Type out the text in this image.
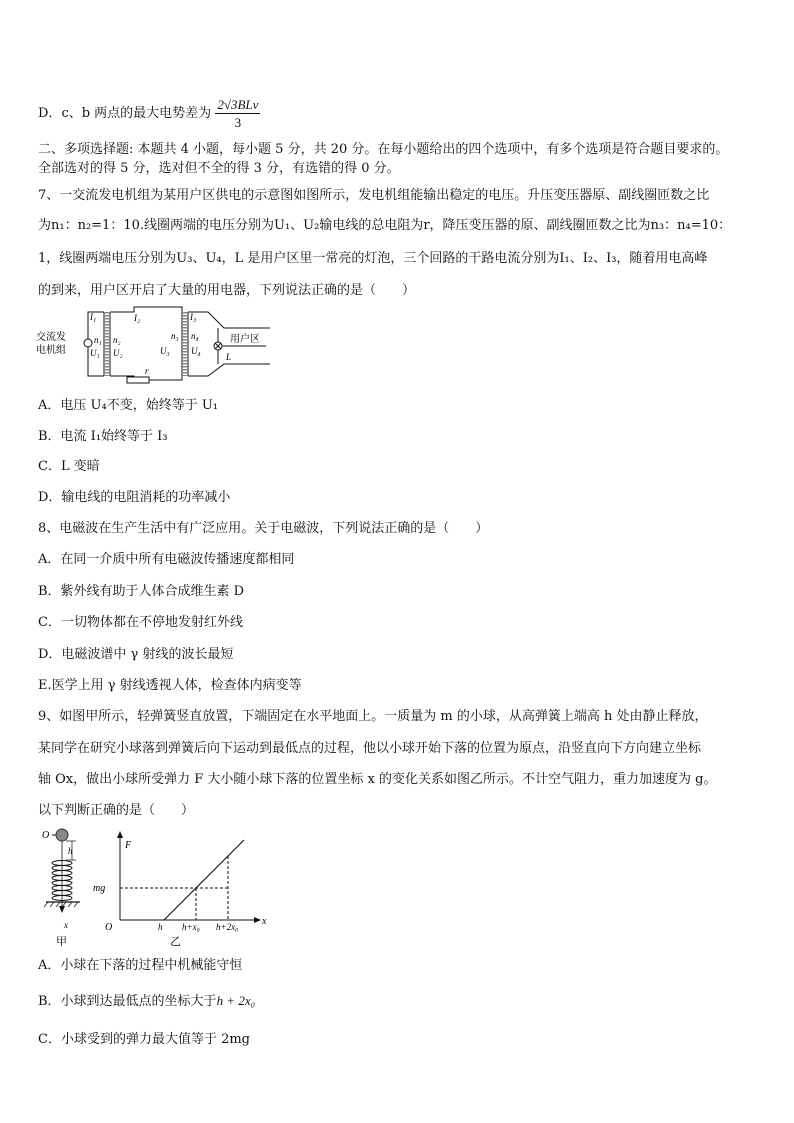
D．c、b 两点的最大电势差为 $\frac{\text{2√3BLv}}{3}$
二、多项选择题: 本题共 4 小题，每小题 5 分，共 20 分。在每小题给出的四个选项中，有多个选项是符合题目要求的。
全部选对的得 5 分，选对但不全的得 3 分，有选错的得 0 分。
7、一交流发电机组为某用户区供电的示意图如图所示，发电机组能输出稳定的电压。升压变压器原、副线圈匝数之比
为n₁：n₂=1：10.线圈两端的电压分别为U₁、U₂输电线的总电阻为r，降压变压器的原、副线圈匝数之比为n₃：n₄=10：
1，线圈两端电压分别为U₃、U₄，L 是用户区里一常亮的灯泡，三个回路的干路电流分别为I₁、I₂、I₃，随着用电高峰
的到来，用户区开启了大量的用电器，下列说法正确的是（　　）
交流发
电机组
I₁	I₂	I₃
n₁
U₁
n₂
U₂
n₃
U₃
n₄
U₄
r
L
用户区
A．电压 U₄不变，始终等于 U₁
B．电流 I₁始终等于 I₃
C．L 变暗
D．输电线的电阻消耗的功率减小
8、电磁波在生产生活中有广泛应用。关于电磁波，下列说法正确的是（　　）
A．在同一介质中所有电磁波传播速度都相同
B．紫外线有助于人体合成维生素 D
C．一切物体都在不停地发射红外线
D．电磁波谱中 γ 射线的波长最短
E.医学上用 γ 射线透视人体，检查体内病变等
9、如图甲所示，轻弹簧竖直放置，下端固定在水平地面上。一质量为 m 的小球，从高弹簧上端高 h 处由静止释放，
某同学在研究小球落到弹簧后向下运动到最低点的过程，他以小球开始下落的位置为原点，沿竖直向下方向建立坐标
轴 Ox，做出小球所受弹力 F 大小随小球下落的位置坐标 x 的变化关系如图乙所示。不计空气阻力，重力加速度为 g。
以下判断正确的是（　　）
O
h
x
甲
F
O
x
mg
h h+x₀ h+2x₀
乙
A．小球在下落的过程中机械能守恒
B．小球到达最低点的坐标大于h + 2x₀
C．小球受到的弹力最大值等于 2mg
